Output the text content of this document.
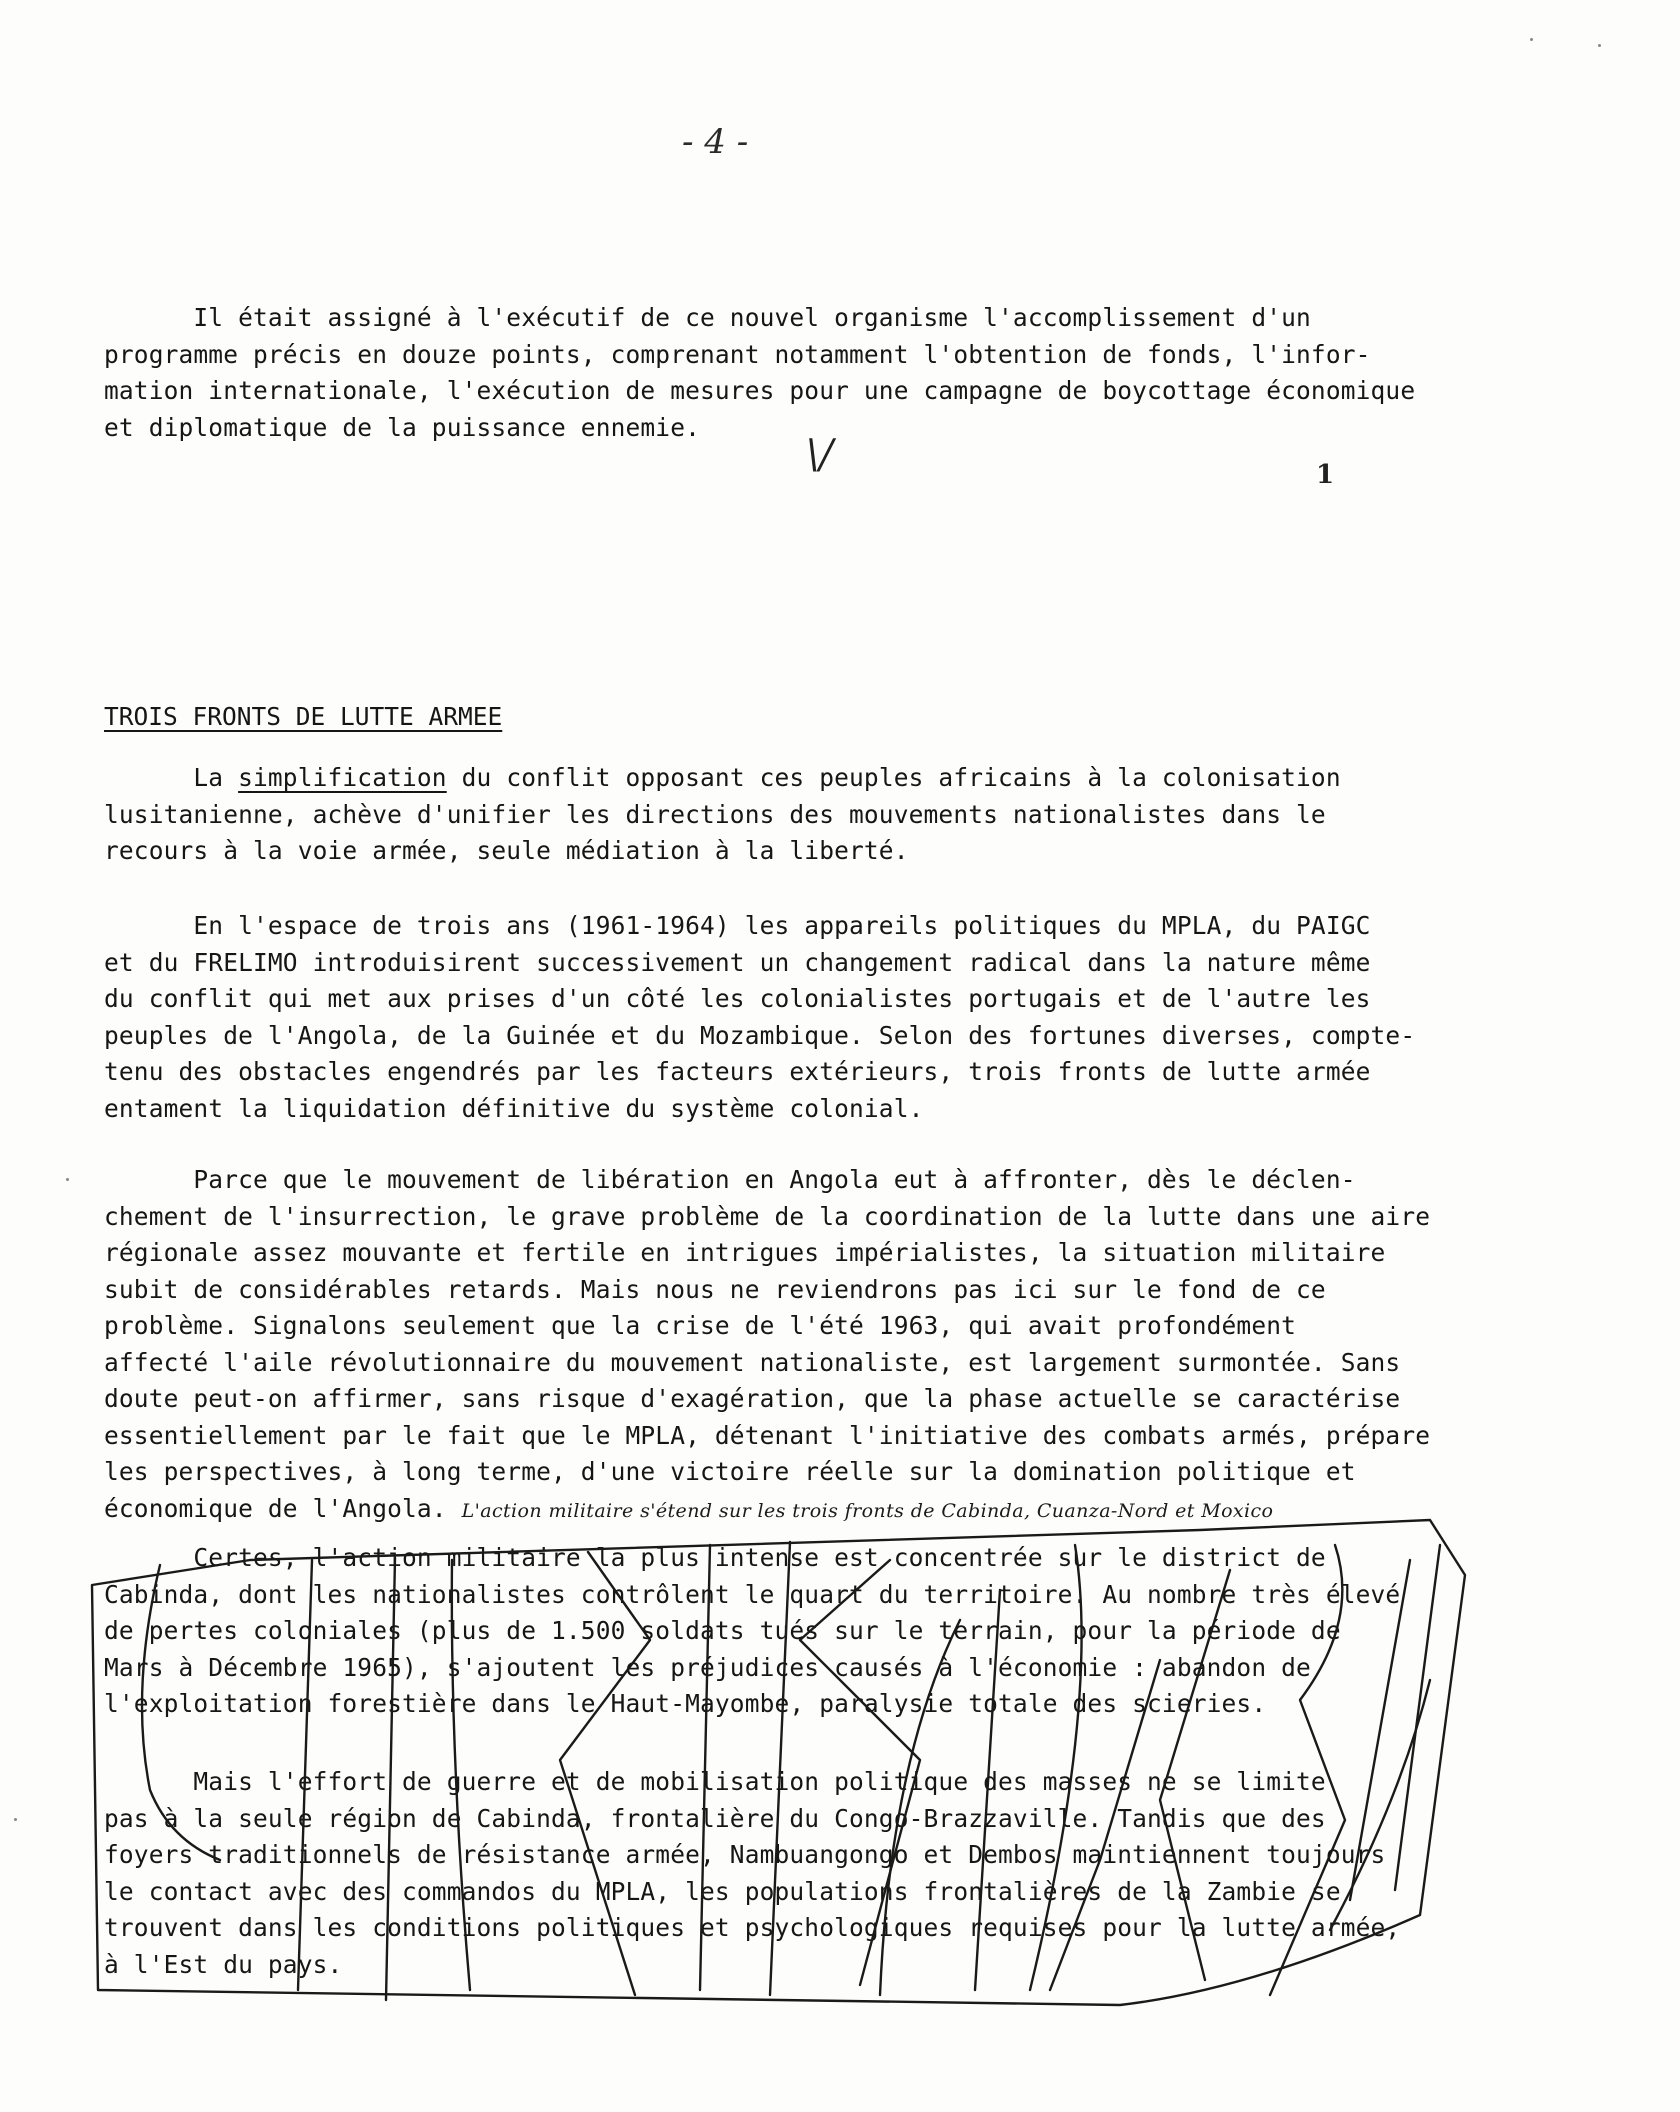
- 4 -

Il était assigné à l'exécutif de ce nouvel organisme l'accomplissement d'un
programme précis en douze points, comprenant notamment l'obtention de fonds, l'infor-
mation internationale, l'exécution de mesures pour une campagne de boycottage économique
et diplomatique de la puissance ennemie.

\/	1
TROIS FRONTS DE LUTTE ARMEE

La simplification du conflit opposant ces peuples africains à la colonisation
lusitanienne, achève d'unifier les directions des mouvements nationalistes dans le
recours à la voie armée, seule médiation à la liberté.

En l'espace de trois ans (1961-1964) les appareils politiques du MPLA, du PAIGC
et du FRELIMO introduisirent successivement un changement radical dans la nature même
du conflit qui met aux prises d'un côté les colonialistes portugais et de l'autre les
peuples de l'Angola, de la Guinée et du Mozambique. Selon des fortunes diverses, compte-
tenu des obstacles engendrés par les facteurs extérieurs, trois fronts de lutte armée
entament la liquidation définitive du système colonial.

Parce que le mouvement de libération en Angola eut à affronter, dès le déclen-
chement de l'insurrection, le grave problème de la coordination de la lutte dans une aire
régionale assez mouvante et fertile en intrigues impérialistes, la situation militaire
subit de considérables retards. Mais nous ne reviendrons pas ici sur le fond de ce
problème. Signalons seulement que la crise de l'été 1963, qui avait profondément
affecté l'aile révolutionnaire du mouvement nationaliste, est largement surmontée. Sans
doute peut-on affirmer, sans risque d'exagération, que la phase actuelle se caractérise
essentiellement par le fait que le MPLA, détenant l'initiative des combats armés, prépare
les perspectives, à long terme, d'une victoire réelle sur la domination politique et
économique de l'Angola. L'action militaire s'étend sur les trois fronts de Cabinda, Cuanza-Nord et Moxico

Certes, l'action militaire la plus intense est concentrée sur le district de
Cabinda, dont les nationalistes contrôlent le quart du territoire. Au nombre très élevé
de pertes coloniales (plus de 1.500 soldats tués sur le terrain, pour la période de
Mars à Décembre 1965), s'ajoutent les préjudices causés à l'économie : abandon de
l'exploitation forestière dans le Haut-Mayombe, paralysie totale des scieries.

Mais l'effort de guerre et de mobilisation politique des masses ne se limite
pas à la seule région de Cabinda, frontalière du Congo-Brazzaville. Tandis que des
foyers traditionnels de résistance armée, Nambuangongo et Dembos maintiennent toujours
le contact avec des commandos du MPLA, les populations frontalières de la Zambie se
trouvent dans les conditions politiques et psychologiques requises pour la lutte armée,
à l'Est du pays.
